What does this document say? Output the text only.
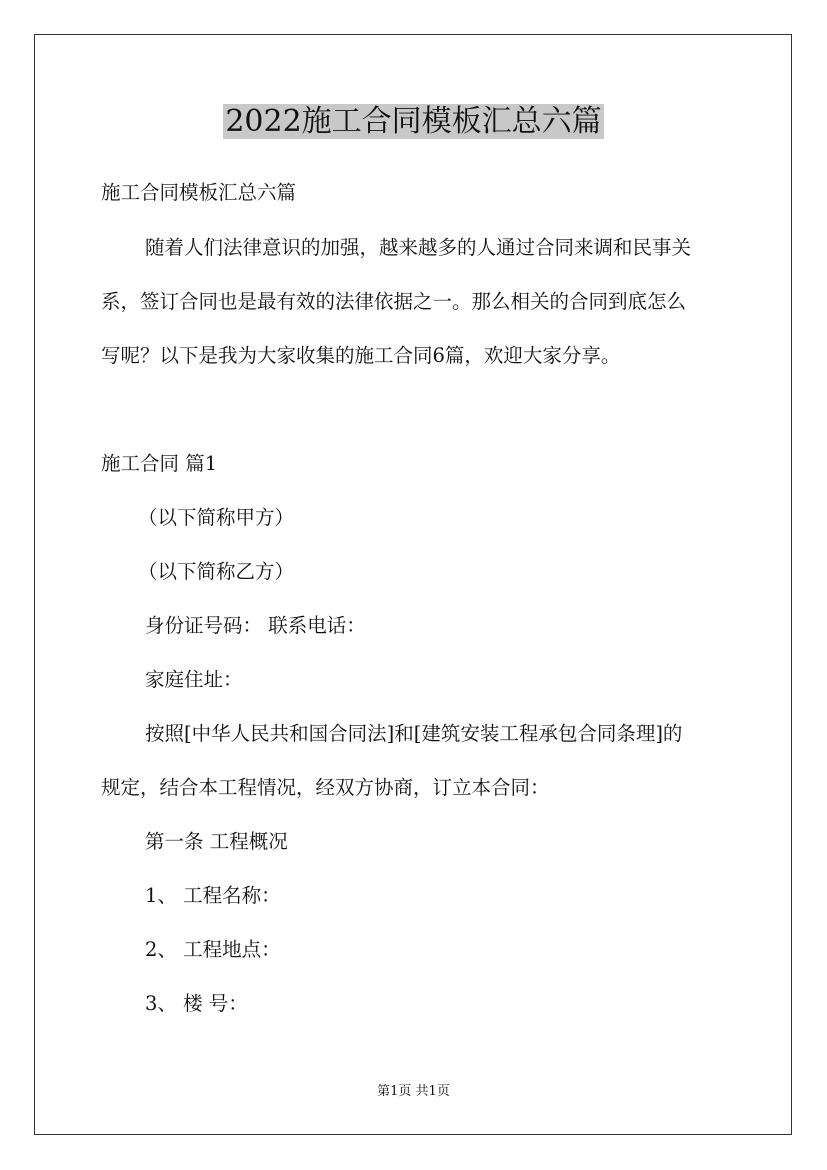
2022施工合同模板汇总六篇

施工合同模板汇总六篇

随着人们法律意识的加强，越来越多的人通过合同来调和民事关

系，签订合同也是最有效的法律依据之一。那么相关的合同到底怎么

写呢？以下是我为大家收集的施工合同6篇，欢迎大家分享。

施工合同 篇1

（以下简称甲方）

（以下简称乙方）

身份证号码： 联系电话：

家庭住址：

按照[中华人民共和国合同法]和[建筑安装工程承包合同条理]的

规定，结合本工程情况，经双方协商，订立本合同：

第一条 工程概况

1、 工程名称：

2、 工程地点：

3、 楼 号：

第1页 共1页
